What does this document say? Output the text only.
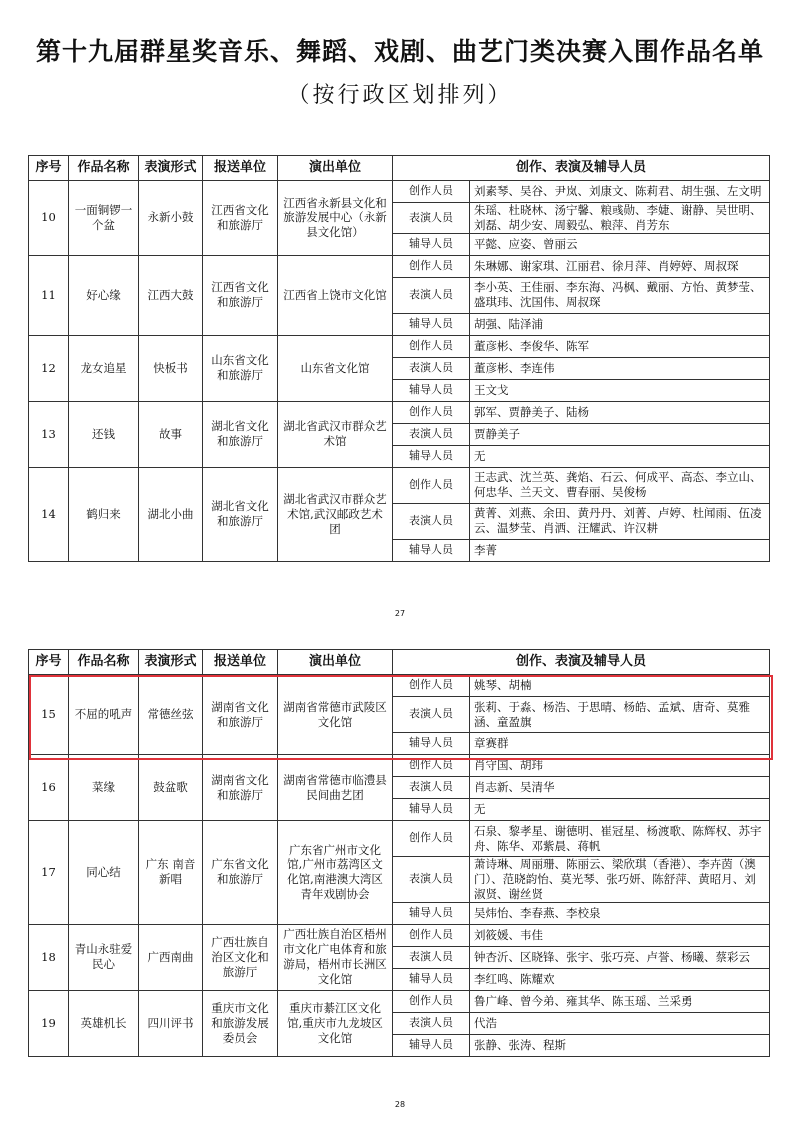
第十九届群星奖音乐、舞蹈、戏剧、曲艺门类决赛入围作品名单
（按行政区划排列）
序号	作品名称	表演形式	报送单位	演出单位	创作、表演及辅导人员	
10	一面铜锣一个盆	永新小鼓	江西省文化和旅游厅	江西省永新县文化和旅游发展中心（永新县文化馆）	创作人员	刘素琴、吴谷、尹岚、刘康文、陈莉君、胡生强、左文明
					表演人员	朱瑶、杜晓林、汤宁馨、粮彧勋、李婕、谢静、吴世明、刘磊、胡少安、周毅弘、粮萍、肖芳东
					辅导人员	平懿、应姿、曾丽云
11	好心缘	江西大鼓	江西省文化和旅游厅	江西省上饶市文化馆	创作人员	朱琳娜、谢家琪、江丽君、徐月萍、肖婷婷、周叔琛
					表演人员	李小英、王佳丽、李东海、冯枫、戴丽、方怡、黄梦莹、盛琪玮、沈国伟、周叔琛
					辅导人员	胡强、陆泽浦
12	龙女追星	快板书	山东省文化和旅游厅	山东省文化馆	创作人员	董彦彬、李俊华、陈军
					表演人员	董彦彬、李连伟
					辅导人员	王文戈
13	还钱	故事	湖北省文化和旅游厅	湖北省武汉市群众艺术馆	创作人员	郭军、贾静美子、陆杨
					表演人员	贾静美子
					辅导人员	无
14	鹤归来	湖北小曲	湖北省文化和旅游厅	湖北省武汉市群众艺术馆,武汉邮政艺术团	创作人员	王志武、沈兰英、龚焰、石云、何成平、高态、李立山、何忠华、兰天文、曹春丽、吴俊杨
					表演人员	黄菁、刘燕、余田、黄丹丹、刘菁、卢婷、杜闻雨、伍凌云、温梦莹、肖洒、汪耀武、许汉耕
					辅导人员	李菁
27
序号	作品名称	表演形式	报送单位	演出单位	创作、表演及辅导人员	
15	不屈的吼声	常德丝弦	湖南省文化和旅游厅	湖南省常德市武陵区文化馆	创作人员	姚琴、胡楠
					表演人员	张莉、于淼、杨浩、于思晴、杨皓、孟斌、唐奇、莫雅涵、童盈旗
					辅导人员	章赛群
16	菜缘	鼓盆歌	湖南省文化和旅游厅	湖南省常德市临澧县民间曲艺团	创作人员	肖守国、胡玮
					表演人员	肖志新、吴清华
					辅导人员	无
17	同心结	广东 南音新唱	广东省文化和旅游厅	广东省广州市文化馆,广州市荔湾区文化馆,南港澳大湾区青年戏剧协会	创作人员	石泉、黎孝星、谢德明、崔冠星、杨渡歌、陈辉权、苏宇舟、陈华、邓紫晨、蒋帆
					表演人员	萧诗琳、周丽珊、陈丽云、梁欣琪（香港）、李卉茵（澳门）、范晓韵怡、莫光琴、张巧妍、陈舒萍、黄昭月、刘淑贤、谢丝贤
					辅导人员	吴炜怡、李春燕、李校泉
18	青山永驻爱民心	广西南曲	广西壮族自治区文化和旅游厅	广西壮族自治区梧州市文化广电体育和旅游局，梧州市长洲区文化馆	创作人员	刘筱媛、韦佳
					表演人员	钟杏沂、区晓锋、张宇、张巧亮、卢誉、杨曦、蔡彩云
					辅导人员	李红鸣、陈耀欢
19	英雄机长	四川评书	重庆市文化和旅游发展委员会	重庆市綦江区文化馆,重庆市九龙坡区文化馆	创作人员	鲁广峰、曾今弟、雍其华、陈玉瑶、兰采勇
					表演人员	代浩
					辅导人员	张静、张涛、程斯
28
